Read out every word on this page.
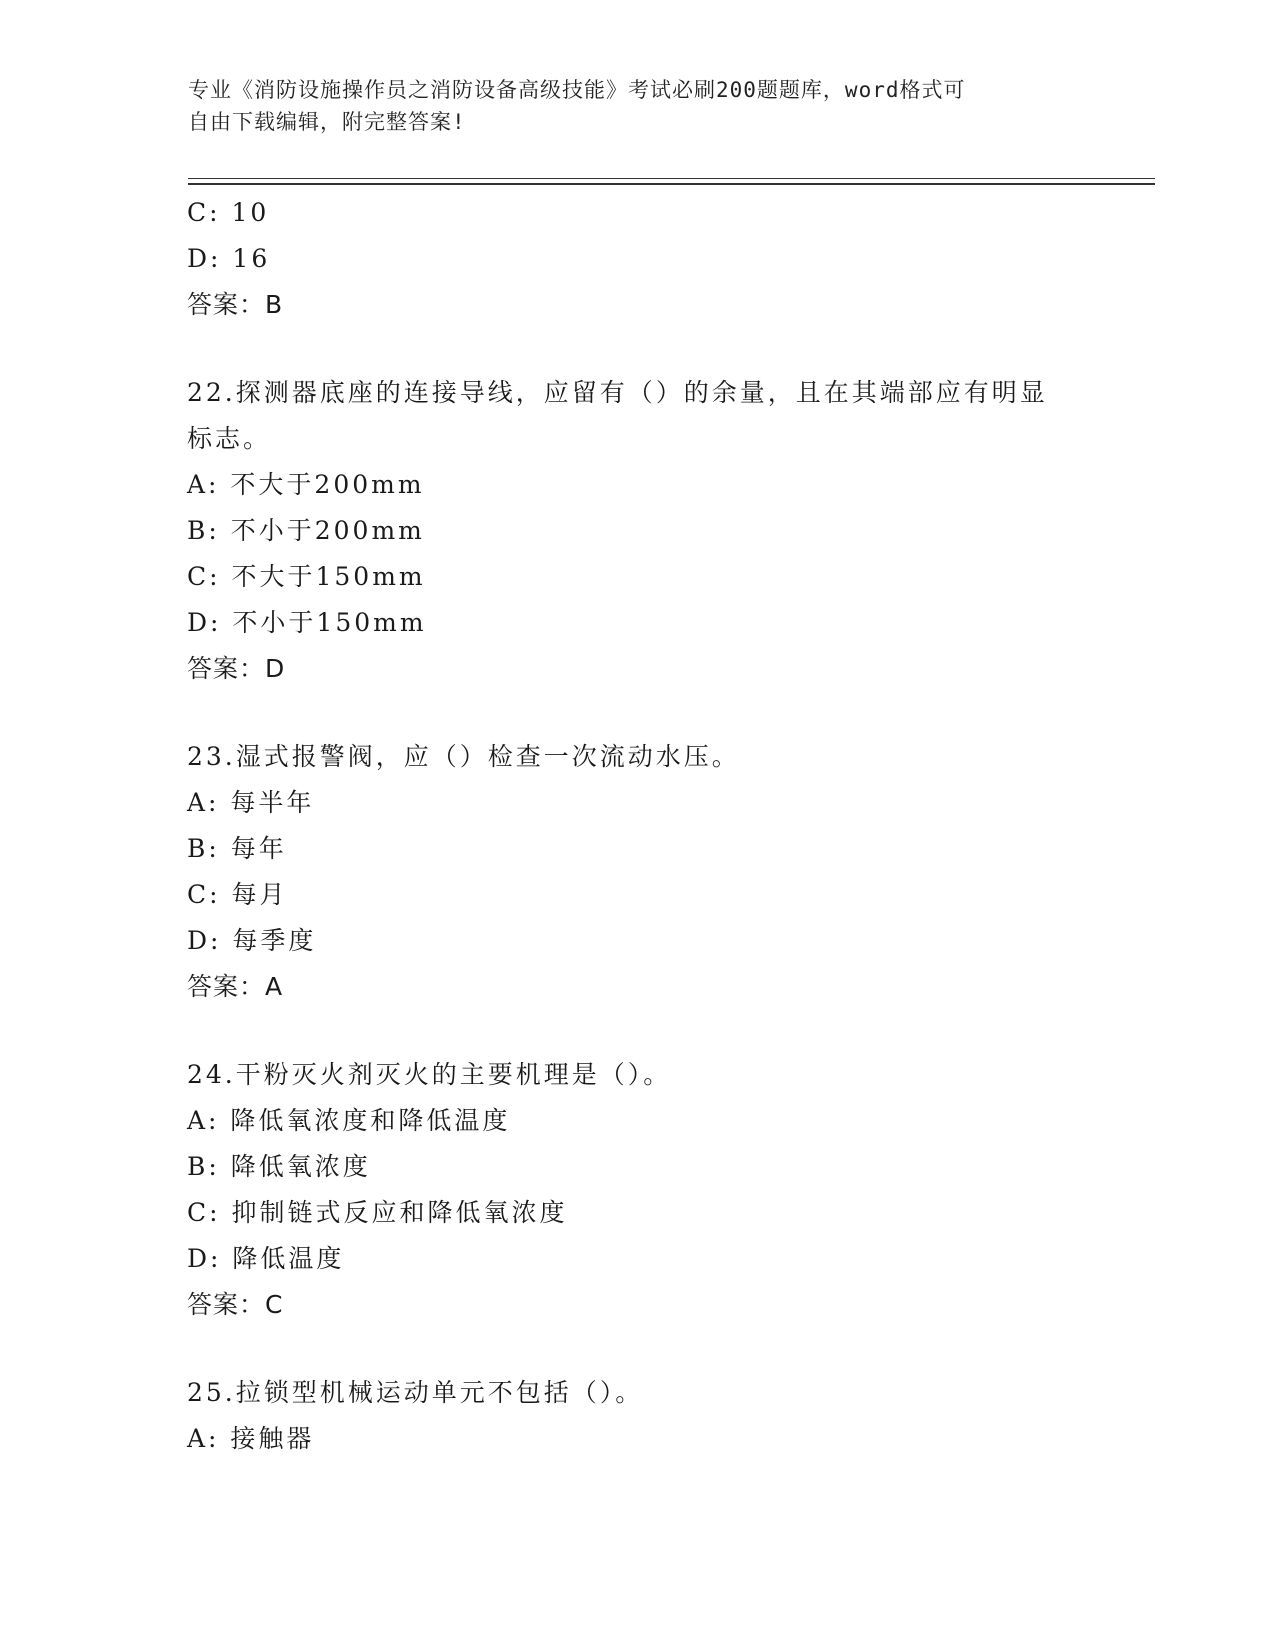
专业《消防设施操作员之消防设备高级技能》考试必刷200题题库，word格式可
自由下载编辑，附完整答案!

C: 10

D: 16

答案：B

22.探测器底座的连接导线，应留有（）的余量，且在其端部应有明显

标志。

A: 不大于200mm

B: 不小于200mm

C: 不大于150mm

D: 不小于150mm

答案：D

23.湿式报警阀，应（）检查一次流动水压。

A: 每半年

B: 每年

C: 每月

D: 每季度

答案：A

24.干粉灭火剂灭火的主要机理是（）。

A: 降低氧浓度和降低温度

B: 降低氧浓度

C: 抑制链式反应和降低氧浓度

D: 降低温度

答案：C

25.拉锁型机械运动单元不包括（）。

A: 接触器
